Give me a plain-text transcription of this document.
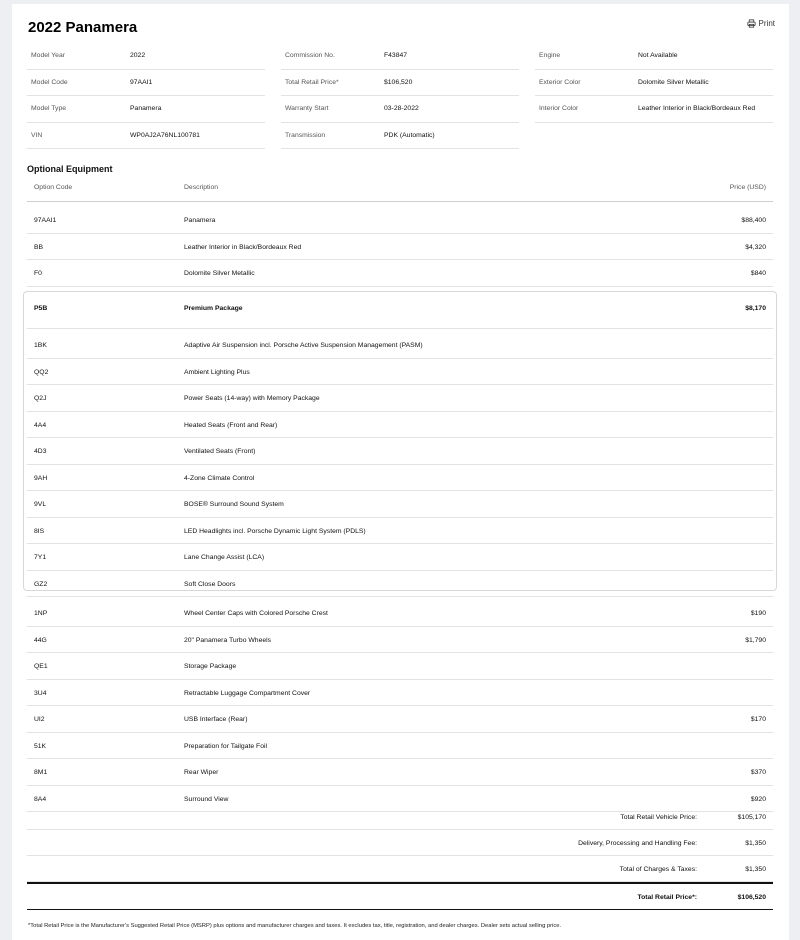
2022 Panamera	Print
Model Year	2022
Model Code	97AAI1
Model Type	Panamera
VIN	WP0AJ2A76NL100781
Commission No.	F43847
Total Retail Price*	$106,520
Warranty Start	03-28-2022
Transmission	PDK (Automatic)
Engine	Not Available
Exterior Color	Dolomite Silver Metallic
Interior Color	Leather Interior in Black/Bordeaux Red
Optional Equipment
Option Code	Description	Price (USD)
97AAI1	Panamera	$88,400
BB	Leather Interior in Black/Bordeaux Red	$4,320
F0	Dolomite Silver Metallic	$840
P5B	Premium Package	$8,170
1BK	Adaptive Air Suspension incl. Porsche Active Suspension Management (PASM)
QQ2	Ambient Lighting Plus
Q2J	Power Seats (14-way) with Memory Package
4A4	Heated Seats (Front and Rear)
4D3	Ventilated Seats (Front)
9AH	4-Zone Climate Control
9VL	BOSE® Surround Sound System
8IS	LED Headlights incl. Porsche Dynamic Light System (PDLS)
7Y1	Lane Change Assist (LCA)
GZ2	Soft Close Doors
1NP	Wheel Center Caps with Colored Porsche Crest	$190
44G	20" Panamera Turbo Wheels	$1,790
QE1	Storage Package
3U4	Retractable Luggage Compartment Cover
UI2	USB Interface (Rear)	$170
51K	Preparation for Tailgate Foil
8M1	Rear Wiper	$370
8A4	Surround View	$920
Total Retail Vehicle Price:	$105,170
Delivery, Processing and Handling Fee:	$1,350
Total of Charges & Taxes:	$1,350
Total Retail Price*:	$106,520
*Total Retail Price is the Manufacturer's Suggested Retail Price (MSRP) plus options and manufacturer charges and taxes. It excludes tax, title, registration, and dealer charges. Dealer sets actual selling price.
